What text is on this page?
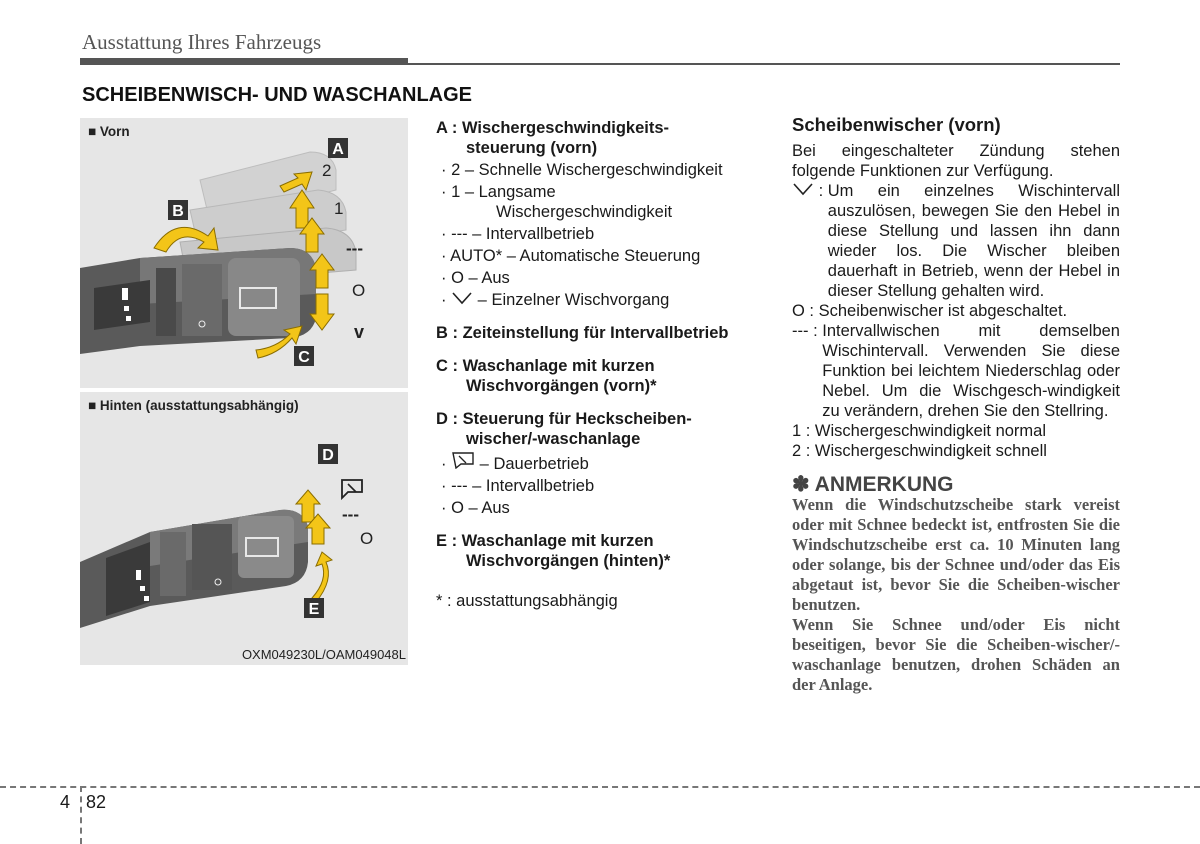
Ausstattung Ihres Fahrzeugs
SCHEIBENWISCH- UND WASCHANLAGE
A
B
C
2
1
---
O
v
■ Vorn
D
E
---
O
■ Hinten (ausstattungsabhängig)
OXM049230L/OAM049048L
A : Wischergeschwindigkeits-
steuerung (vorn)
· 2 – Schnelle Wischergeschwindigkeit
· 1 – Langsame
Wischergeschwindigkeit
· --- – Intervallbetrieb
· AUTO* – Automatische Steuerung
· O – Aus
·  – Einzelner Wischvorgang
B : Zeiteinstellung für Intervallbetrieb
C : Waschanlage mit kurzen
Wischvorgängen (vorn)*
D : Steuerung für Heckscheiben-
wischer/-waschanlage
·  – Dauerbetrieb
· --- – Intervallbetrieb
· O – Aus
E : Waschanlage mit kurzen
Wischvorgängen (hinten)*
* : ausstattungsabhängig
Scheibenwischer (vorn)
Bei eingeschalteter Zündung stehen folgende Funktionen zur Verfügung.
: Um ein einzelnes Wischintervall auszulösen, bewegen Sie den Hebel in diese Stellung und lassen ihn dann wieder los. Die Wischer bleiben dauerhaft in Betrieb, wenn der Hebel in dieser Stellung gehalten wird.
O : Scheibenwischer ist abgeschaltet.
--- : Intervallwischen mit demselben Wischintervall. Verwenden Sie diese Funktion bei leichtem Niederschlag oder Nebel. Um die Wischgesch-windigkeit zu verändern, drehen Sie den Stellring.
1 : Wischergeschwindigkeit normal
2 : Wischergeschwindigkeit schnell
✽ ANMERKUNG
Wenn die Windschutzscheibe stark vereist oder mit Schnee bedeckt ist, entfrosten Sie die Windschutzscheibe erst ca. 10 Minuten lang oder solange, bis der Schnee und/oder das Eis abgetaut ist, bevor Sie die Scheiben-wischer benutzen.
Wenn Sie Schnee und/oder Eis nicht beseitigen, bevor Sie die Scheiben-wischer/- waschanlage benutzen, drohen Schäden an der Anlage.
4 82
